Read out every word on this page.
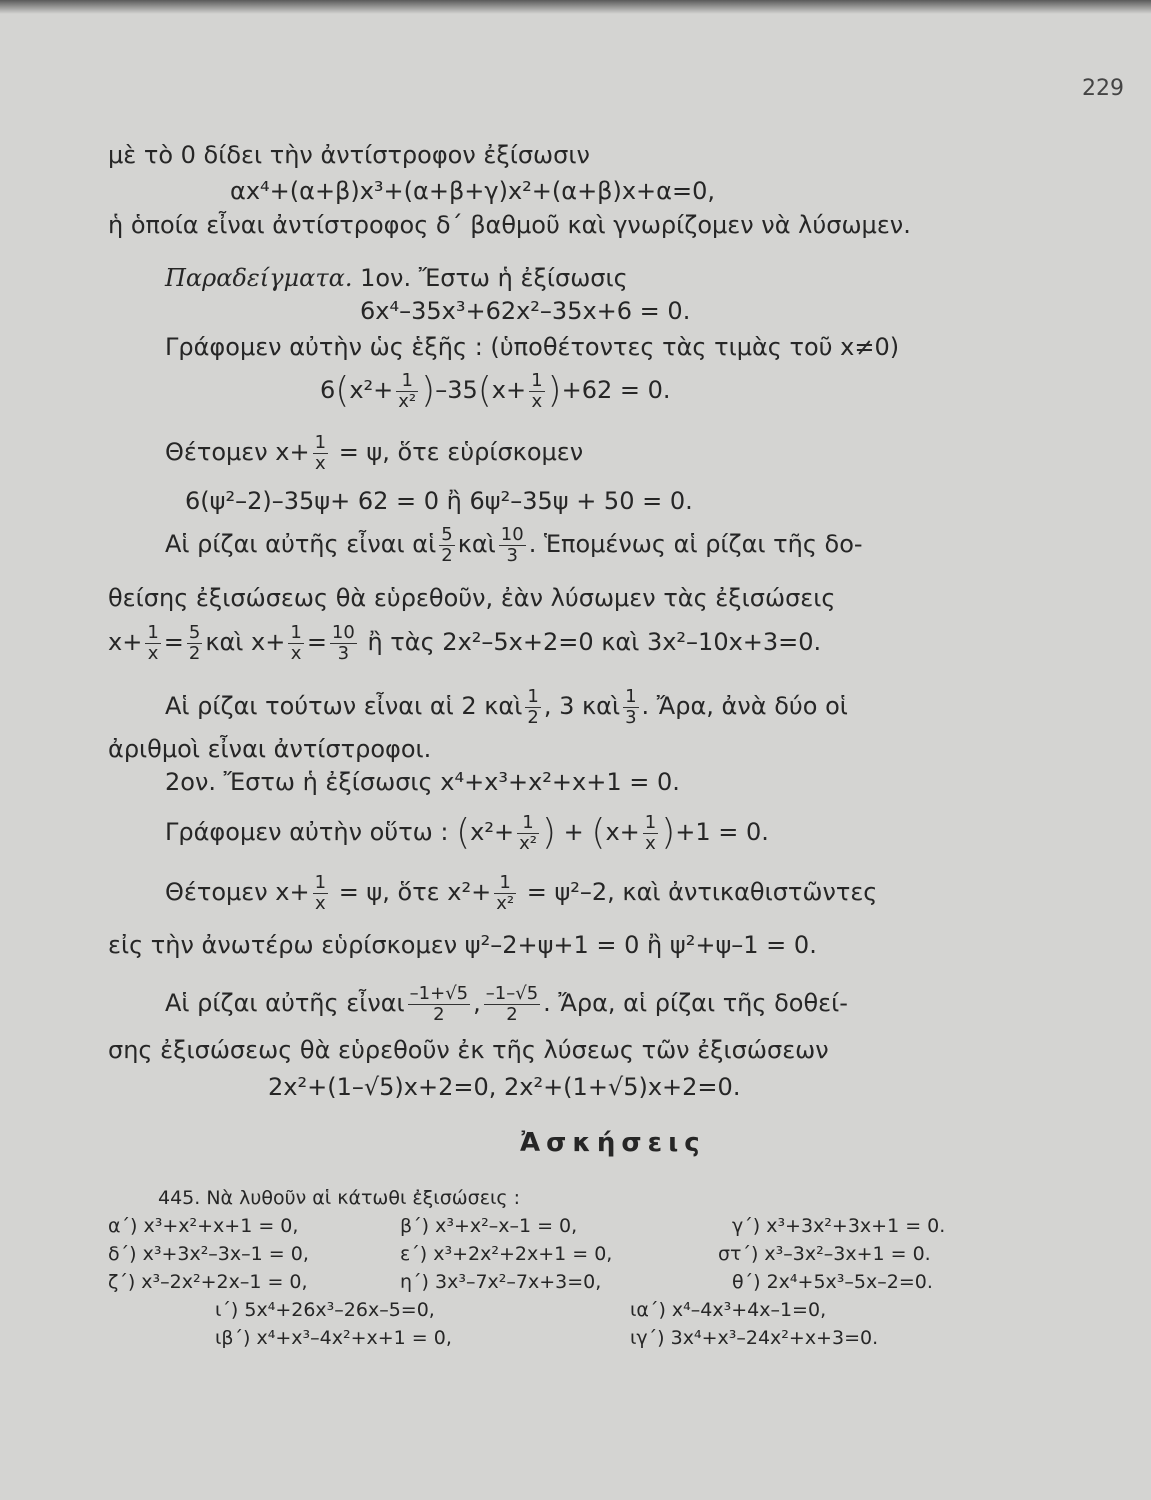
229
μὲ τὸ 0 δίδει τὴν ἀντίστροφον ἐξίσωσιν
αx⁴+(α+β)x³+(α+β+γ)x²+(α+β)x+α=0,
ἡ ὁποία εἶναι ἀντίστροφος δ΄ βαθμοῦ καὶ γνωρίζομεν νὰ λύσωμεν.
Παραδείγματα. 1ον. Ἔστω ἡ ἐξίσωσις
6x⁴–35x³+62x²–35x+6 = 0.
Γράφομεν αὐτὴν ὡς ἑξῆς : (ὑποθέτοντες τὰς τιμὰς τοῦ x≠0)
$6(x^2+ \frac{1}{\text{x²}} )-35(x+ \frac{1}{x} )+62 = 0$.
Θέτομεν $x+ \frac{1}{x} = \psi$, ὅτε εὑρίσκομεν
6(ψ²–2)–35ψ+ 62 = 0 ἢ 6ψ²–35ψ + 50 = 0.
Αἱ ρίζαι αὐτῆς εἶναι αἱ $\frac{5}{2}$ καὶ $\frac{10}{3}$ . Ἑπομένως αἱ ρίζαι τῆς δο-
θείσης ἐξισώσεως θὰ εὑρεθοῦν, ἐὰν λύσωμεν τὰς ἐξισώσεις
$x+ \frac{1}{x} = \frac{5}{2}$ καὶ $x+ \frac{1}{x} = \frac{10}{3}$ ἢ τὰς 2x²–5x+2=0 καὶ 3x²–10x+3=0.
Αἱ ρίζαι τούτων εἶναι αἱ 2 καὶ $\frac{1}{2}$ , 3 καὶ $\frac{1}{3}$ . Ἄρα, ἀνὰ δύο οἱ
ἀριθμοὶ εἶναι ἀντίστροφοι.
2ον. Ἔστω ἡ ἐξίσωσις x⁴+x³+x²+x+1 = 0.
Γράφομεν αὐτὴν οὕτω : ($x^2+ \frac{1}{\text{x²}}$ ) + $(x+ \frac{1}{x} )+1 = 0$.
Θέτομεν $x+ \frac{1}{x} = \psi$, ὅτε $x^2+ \frac{1}{\text{x²}} = \psi^2-2$, καὶ ἀντικαθιστῶντες
εἰς τὴν ἀνωτέρω εὑρίσκομεν ψ²–2+ψ+1 = 0 ἢ ψ²+ψ–1 = 0.
Αἱ ρίζαι αὐτῆς εἶναι $\frac{-1+√5}{2}$ , $\frac{-1-√5}{2}$ . Ἄρα, αἱ ρίζαι τῆς δοθεί-
σης ἐξισώσεως θὰ εὑρεθοῦν ἐκ τῆς λύσεως τῶν ἐξισώσεων
2x²+(1–√5)x+2=0, 2x²+(1+√5)x+2=0.
Ἀσκήσεις
445. Νὰ λυθοῦν αἱ κάτωθι ἐξισώσεις :
α΄) x³+x²+x+1 = 0,	β΄) x³+x²–x–1 = 0,	γ΄) x³+3x²+3x+1 = 0.
δ΄) x³+3x²–3x–1 = 0,	ε΄) x³+2x²+2x+1 = 0,	στ΄) x³–3x²–3x+1 = 0.
ζ΄) x³–2x²+2x–1 = 0,	η΄) 3x³–7x²–7x+3=0,	θ΄) 2x⁴+5x³–5x–2=0.
ι΄) 5x⁴+26x³–26x–5=0,	ια΄) x⁴–4x³+4x–1=0,
ιβ΄) x⁴+x³–4x²+x+1 = 0,	ιγ΄) 3x⁴+x³–24x²+x+3=0.
